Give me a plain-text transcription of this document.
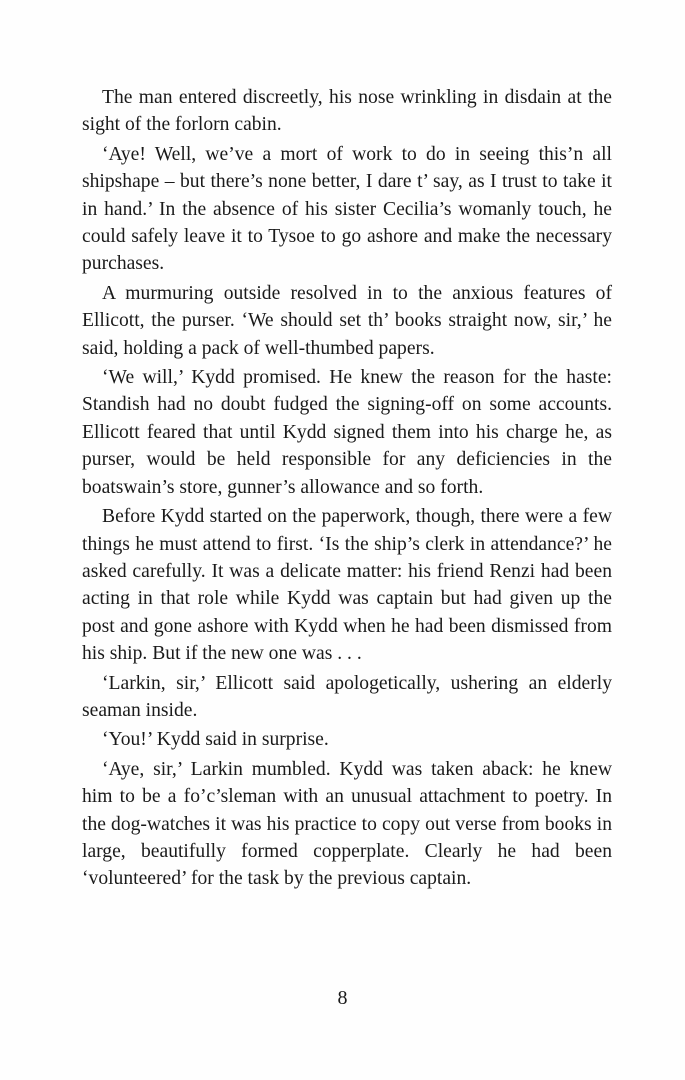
The man entered discreetly, his nose wrinkling in disdain at the sight of the forlorn cabin.

‘Aye! Well, we’ve a mort of work to do in seeing this’n all shipshape – but there’s none better, I dare t’ say, as I trust to take it in hand.’ In the absence of his sister Cecilia’s womanly touch, he could safely leave it to Tysoe to go ashore and make the necessary purchases.

A murmuring outside resolved in to the anxious features of Ellicott, the purser. ‘We should set th’ books straight now, sir,’ he said, holding a pack of well-thumbed papers.

‘We will,’ Kydd promised. He knew the reason for the haste: Standish had no doubt fudged the signing-off on some accounts. Ellicott feared that until Kydd signed them into his charge he, as purser, would be held responsible for any deficiencies in the boatswain’s store, gunner’s allowance and so forth.

Before Kydd started on the paperwork, though, there were a few things he must attend to first. ‘Is the ship’s clerk in attendance?’ he asked carefully. It was a delicate matter: his friend Renzi had been acting in that role while Kydd was captain but had given up the post and gone ashore with Kydd when he had been dismissed from his ship. But if the new one was . . .

‘Larkin, sir,’ Ellicott said apologetically, ushering an elderly seaman inside.

‘You!’ Kydd said in surprise.

‘Aye, sir,’ Larkin mumbled. Kydd was taken aback: he knew him to be a fo’c’sleman with an unusual attachment to poetry. In the dog-watches it was his practice to copy out verse from books in large, beautifully formed copperplate. Clearly he had been ‘volunteered’ for the task by the previous captain.

8
